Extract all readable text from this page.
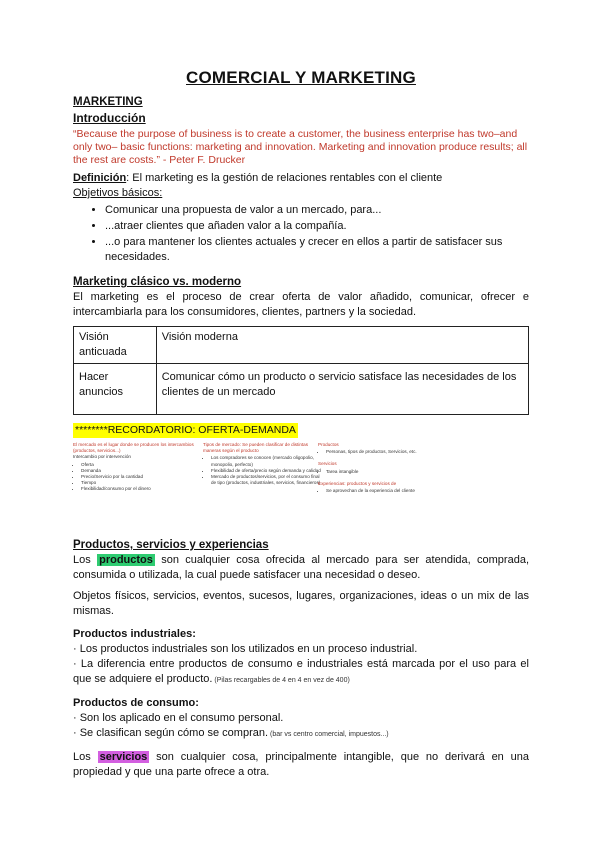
COMERCIAL Y MARKETING
MARKETING
Introducción

“Because the purpose of business is to create a customer, the business enterprise has two–and only two– basic functions: marketing and innovation. Marketing and innovation produce results; all the rest are costs.” - Peter F. Drucker

Definición: El marketing es la gestión de relaciones rentables con el cliente

Objetivos básicos:

• Comunicar una propuesta de valor a un mercado, para...
• ...atraer clientes que añaden valor a la compañía.
• ...o para mantener los clientes actuales y crecer en ellos a partir de satisfacer sus necesidades.
Marketing clásico vs. moderno

El marketing es el proceso de crear oferta de valor añadido, comunicar, ofrecer e intercambiarla para los consumidores, clientes, partners y la sociedad.

Visión anticuada	Visión moderna
Hacer anuncios	Comunicar cómo un producto o servicio satisface las necesidades de los clientes de un mercado
********RECORDATORIO: OFERTA-DEMANDA
El mercado es el lugar donde se producen los intercambios (productos, servicios...)
Intercambio por intervención
• Oferta
• Demanda
• Precio/Servicio por la cantidad
• Tiempo
• Flexibilidad/consumo por el dinero
Tipos de mercado: Se pueden clasificar de distintas maneras según el producto
• Los compradores se conocen (mercado oligopolio, monopolio, perfecto)
• Flexibilidad de oferta/precio según demanda y calidad
• Mercado de productos/servicios, por el consumo final de tipo (productos, industriales, servicios, financieros)
Productos
• Personas, tipos de productos, Servicios, etc.
Servicios
• Tarea intangible
Experiencias: productos y servicios de
• Se aprovechan de la experiencia del cliente
Productos, servicios y experiencias

Los productos son cualquier cosa ofrecida al mercado para ser atendida, comprada, consumida o utilizada, la cual puede satisfacer una necesidad o deseo.

Objetos físicos, servicios, eventos, sucesos, lugares, organizaciones, ideas o un mix de las mismas.

Productos industriales:

· Los productos industriales son los utilizados en un proceso industrial.

· La diferencia entre productos de consumo e industriales está marcada por el uso para el que se adquiere el producto. (Pilas recargables de 4 en 4 en vez de 400)

Productos de consumo:

· Son los aplicado en el consumo personal.

· Se clasifican según cómo se compran. (bar vs centro comercial, impuestos...)

Los servicios son cualquier cosa, principalmente intangible, que no derivará en una propiedad y que una parte ofrece a otra.
